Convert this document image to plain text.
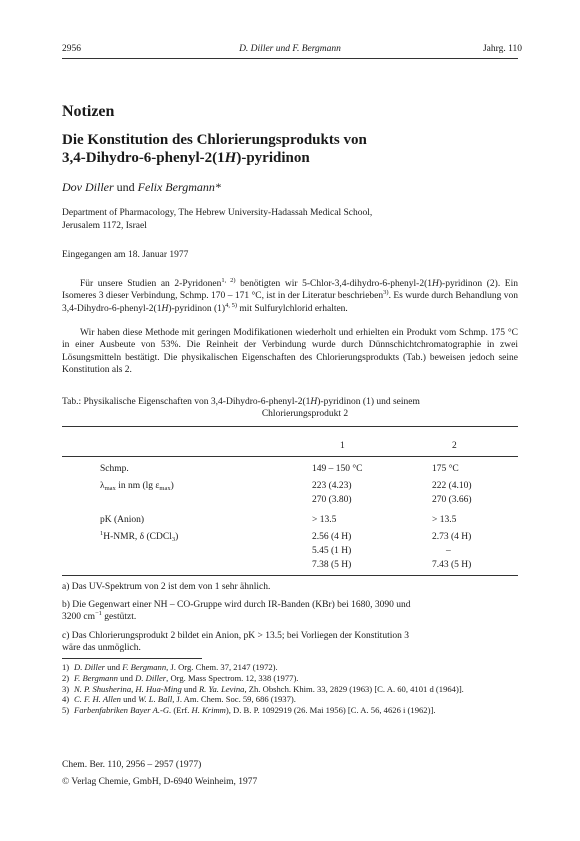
2956	D. Diller und F. Bergmann	Jahrg. 110
Notizen
Die Konstitution des Chlorierungsprodukts von
3,4-Dihydro-6-phenyl-2(1H)-pyridinon
Dov Diller und Felix Bergmann*
Department of Pharmacology, The Hebrew University-Hadassah Medical School,
Jerusalem 1172, Israel
Eingegangen am 18. Januar 1977
Für unsere Studien an 2-Pyridonen$^{1, 2)}$ benötigten wir 5-Chlor-3,4-dihydro-6-phenyl-2(1H)-pyridinon (2). Ein Isomeres 3 dieser Verbindung, Schmp. 170 – 171 °C, ist in der Literatur beschrieben$^{3)}$. Es wurde durch Behandlung von 3,4-Dihydro-6-phenyl-2(1H)-pyridinon $(1)^{4, 5)}$ mit Sulfurylchlorid erhalten.
Wir haben diese Methode mit geringen Modifikationen wiederholt und erhielten ein Produkt vom Schmp. 175 °C in einer Ausbeute von 53%. Die Reinheit der Verbindung wurde durch Dünnschichtchromatographie in zwei Lösungsmitteln bestätigt. Die physikalischen Eigenschaften des Chlorierungsprodukts (Tab.) beweisen jedoch seine Konstitution als 2.
Tab.: Physikalische Eigenschaften von 3,4-Dihydro-6-phenyl-2(1H)-pyridinon (1) und seinem
Chlorierungsprodukt 2
1	2
Schmp.	149 – 150 °C	175 °C
$\lambda_{max}$ in nm (lg $\varepsilon_{max}$)	223 (4.23)	222 (4.10)
270 (3.80)	270 (3.66)
pK (Anion)	> 13.5	> 13.5
$^1$H-NMR, δ (CDCl$_3$)	2.56 (4 H)	2.73 (4 H)
5.45 (1 H)	–
7.38 (5 H)	7.43 (5 H)
a) Das UV-Spektrum von 2 ist dem von 1 sehr ähnlich.
b) Die Gegenwart einer NH – CO-Gruppe wird durch IR-Banden (KBr) bei 1680, 3090 und
3200 $cm^{-1}$ gestützt.
c) Das Chlorierungsprodukt 2 bildet ein Anion, pK > 13.5; bei Vorliegen der Konstitution 3
wäre das unmöglich.
1) D. Diller und F. Bergmann, J. Org. Chem. 37, 2147 (1972).
2) F. Bergmann und D. Diller, Org. Mass Spectrom. 12, 338 (1977).
3) N. P. Shusherina, H. Hua-Ming und R. Ya. Levina, Zh. Obshch. Khim. 33, 2829 (1963) [C. A. 60, 4101 d (1964)].
4) C. F. H. Allen und W. L. Ball, J. Am. Chem. Soc. 59, 686 (1937).
5) Farbenfabriken Bayer A.-G. (Erf. H. Krimm), D. B. P. 1092919 (26. Mai 1956) [C. A. 56, 4626 i (1962)].
Chem. Ber. 110, 2956 – 2957 (1977)
© Verlag Chemie, GmbH, D-6940 Weinheim, 1977
